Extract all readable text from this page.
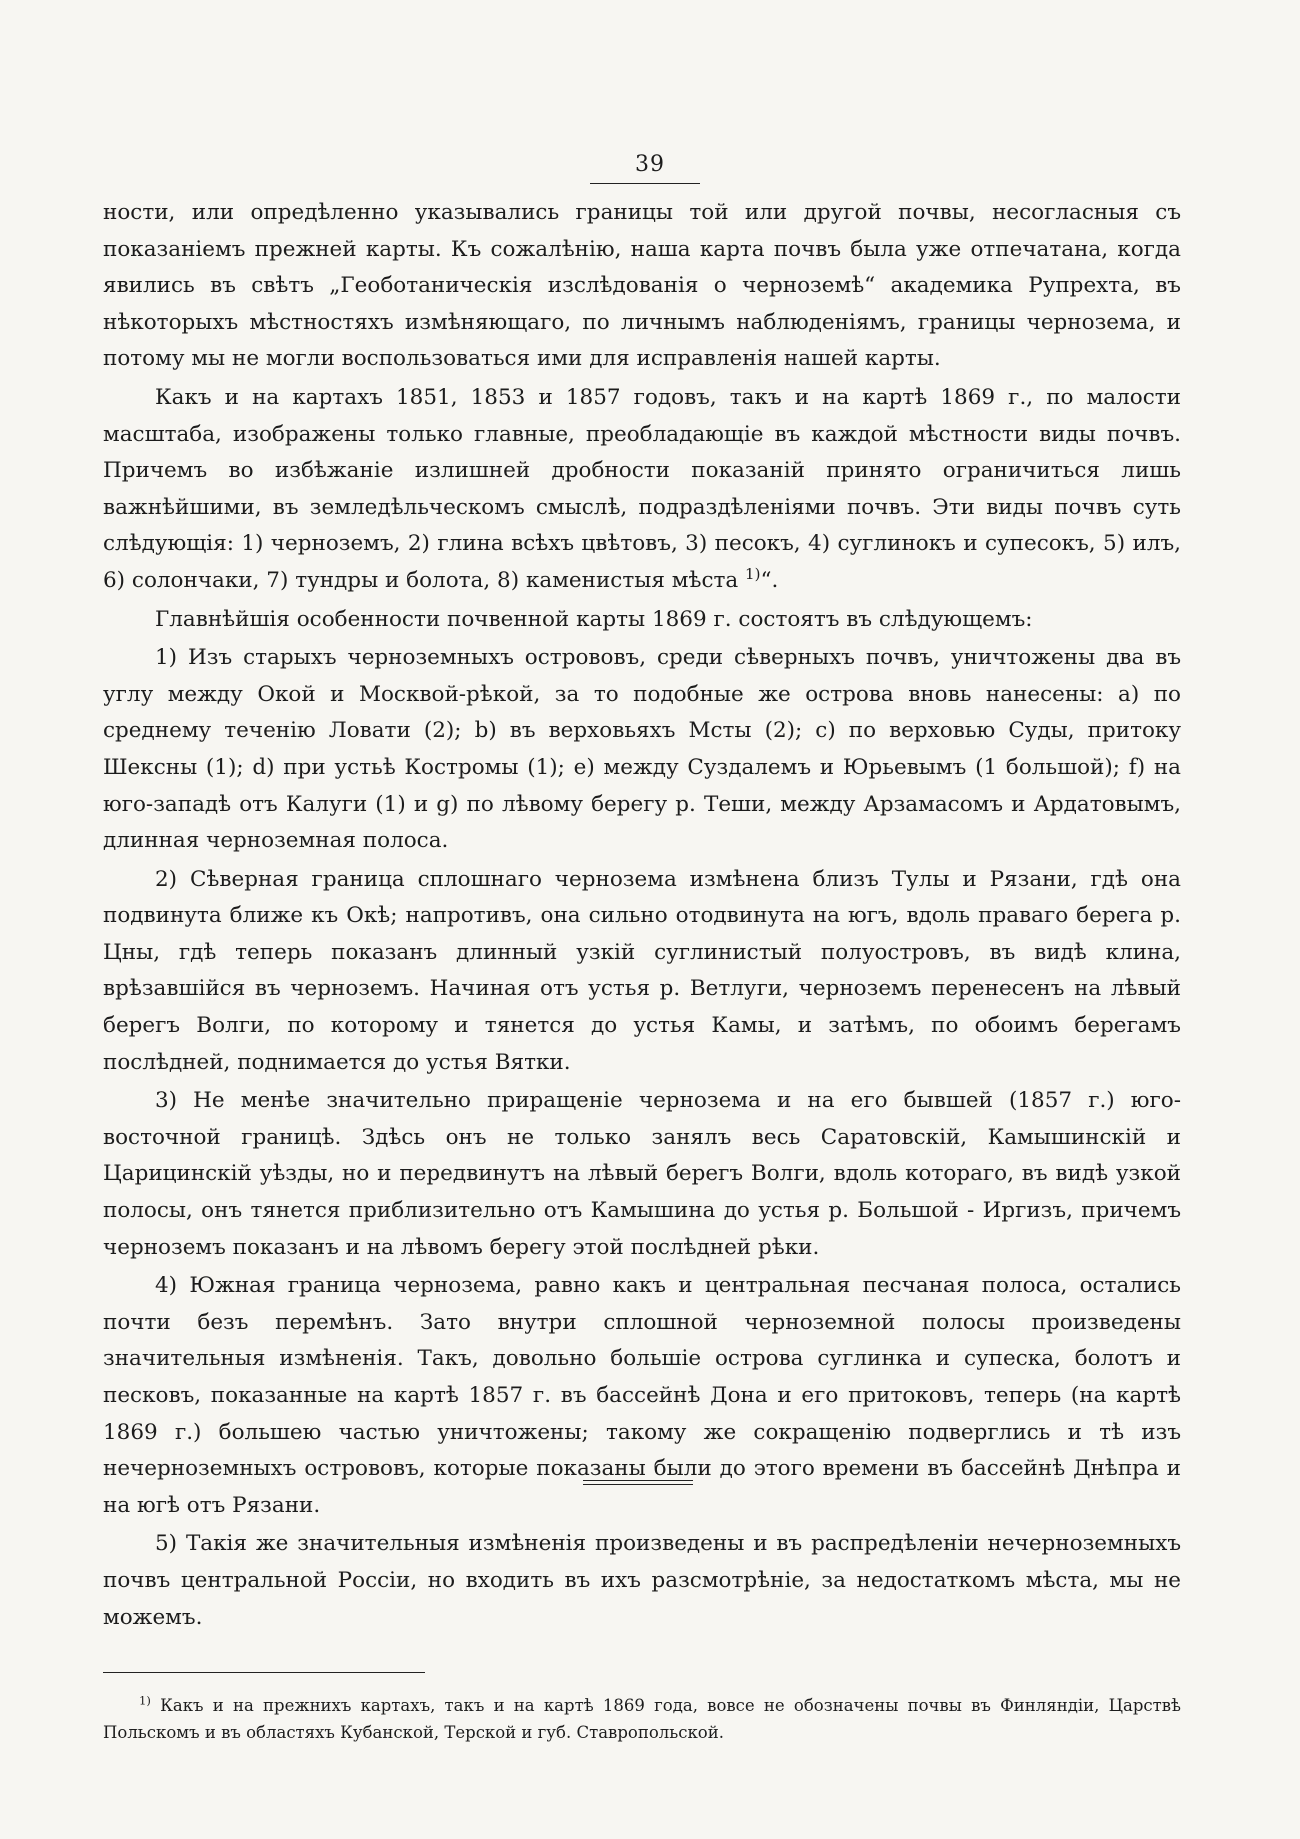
39

ности, или опредѣленно указывались границы той или другой почвы, несогласныя съ показаніемъ прежней карты. Къ сожалѣнію, наша карта почвъ была уже отпечатана, когда явились въ свѣтъ „Геоботаническія изслѣдованія о черноземѣ“ академика Рупрехта, въ нѣкоторыхъ мѣстностяхъ измѣняющаго, по личнымъ наблюденіямъ, границы чернозема, и потому мы не могли воспользоваться ими для исправленія нашей карты.

Какъ и на картахъ 1851, 1853 и 1857 годовъ, такъ и на картѣ 1869 г., по малости масштаба, изображены только главные, преобладающіе въ каждой мѣстности виды почвъ. Причемъ во избѣжаніе излишней дробности показаній принято ограничиться лишь важнѣйшими, въ земледѣльческомъ смыслѣ, подраздѣленіями почвъ. Эти виды почвъ суть слѣдующія: 1) черноземъ, 2) глина всѣхъ цвѣтовъ, 3) песокъ, 4) суглинокъ и супесокъ, 5) илъ, 6) солончаки, 7) тундры и болота, 8) каменистыя мѣста $^{1)}$“.

Главнѣйшія особенности почвенной карты 1869 г. состоятъ въ слѣдующемъ:

1) Изъ старыхъ черноземныхъ острововъ, среди сѣверныхъ почвъ, уничтожены два въ углу между Окой и Москвой-рѣкой, за то подобные же острова вновь нанесены: a) по среднему теченію Ловати (2); b) въ верховьяхъ Мсты (2); c) по верховью Суды, притоку Шексны (1); d) при устьѣ Костромы (1); e) между Суздалемъ и Юрьевымъ (1 большой); f) на юго-западѣ отъ Калуги (1) и g) по лѣвому берегу р. Теши, между Арзамасомъ и Ардатовымъ, длинная черноземная полоса.

2) Сѣверная граница сплошнаго чернозема измѣнена близъ Тулы и Рязани, гдѣ она подвинута ближе къ Окѣ; напротивъ, она сильно отодвинута на югъ, вдоль праваго берега р. Цны, гдѣ теперь показанъ длинный узкій суглинистый полуостровъ, въ видѣ клина, врѣзавшійся въ черноземъ. Начиная отъ устья р. Ветлуги, черноземъ перенесенъ на лѣвый берегъ Волги, по которому и тянется до устья Камы, и затѣмъ, по обоимъ берегамъ послѣдней, поднимается до устья Вятки.

3) Не менѣе значительно приращеніе чернозема и на его бывшей (1857 г.) юго-восточной границѣ. Здѣсь онъ не только занялъ весь Саратовскій, Камышинскій и Царицинскій уѣзды, но и передвинутъ на лѣвый берегъ Волги, вдоль котораго, въ видѣ узкой полосы, онъ тянется приблизительно отъ Камышина до устья р. Большой - Иргизъ, причемъ черноземъ показанъ и на лѣвомъ берегу этой послѣдней рѣки.

4) Южная граница чернозема, равно какъ и центральная песчаная полоса, остались почти безъ перемѣнъ. Зато внутри сплошной черноземной полосы произведены значительныя измѣненія. Такъ, довольно большіе острова суглинка и супеска, болотъ и песковъ, показанные на картѣ 1857 г. въ бассейнѣ Дона и его притоковъ, теперь (на картѣ 1869 г.) большею частью уничтожены; такому же сокращенію подверглись и тѣ изъ нечерноземныхъ острововъ, которые показаны были до этого времени въ бассейнѣ Днѣпра и на югѣ отъ Рязани.

5) Такія же значительныя измѣненія произведены и въ распредѣленіи нечерноземныхъ почвъ центральной Россіи, но входить въ ихъ разсмотрѣніе, за недостаткомъ мѣста, мы не можемъ.

$^{1)}$ Какъ и на прежнихъ картахъ, такъ и на картѣ 1869 года, вовсе не обозначены почвы въ Финляндіи, Царствѣ Польскомъ и въ областяхъ Кубанской, Терской и губ. Ставропольской.
